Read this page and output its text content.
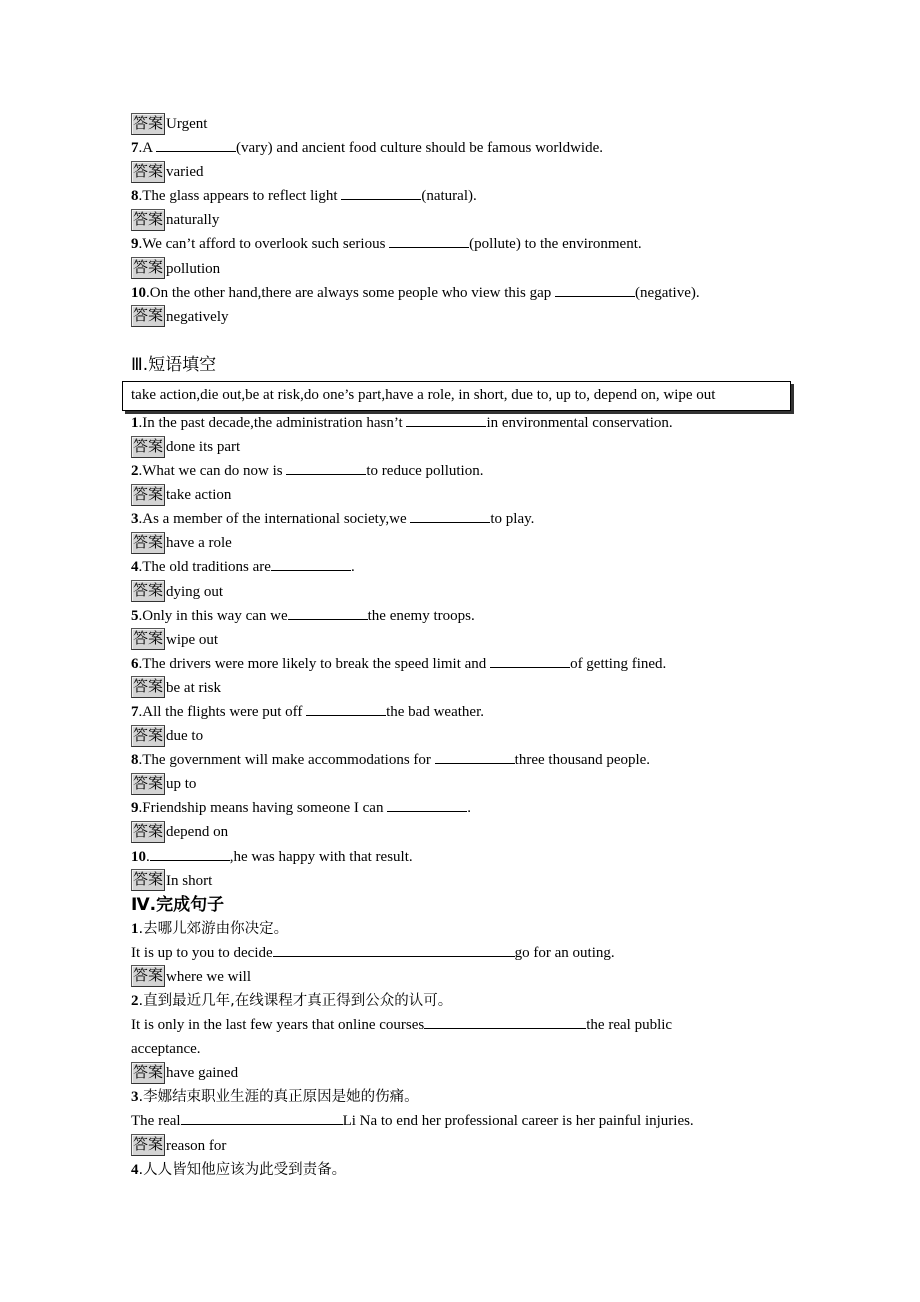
答案 Urgent
7.A	(vary) and ancient food culture should be famous worldwide.
答案 varied
8.The glass appears to reflect light	(natural).
答案 naturally
9.We can’t afford to overlook such serious	(pollute) to the environment.
答案 pollution
10.On the other hand,there are always some people who view this gap	(negative).
答案 negatively
Ⅲ.短语填空
take action,die out,be at risk,do one’s part,have a role, in short, due to, up to, depend on, wipe out
1.In the past decade,the administration hasn’t	in environmental conservation.
答案 done its part
2.What we can do now is	to reduce pollution.
答案 take action
3.As a member of the international society,we	to play.
答案 have a role
4.The old traditions are	.
答案 dying out
5.Only in this way can we	the enemy troops.
答案 wipe out
6.The drivers were more likely to break the speed limit and	of getting fined.
答案 be at risk
7.All the flights were put off	the bad weather.
答案 due to
8.The government will make accommodations for	three thousand people.
答案 up to
9.Friendship means having someone I can	.
答案 depend on
10.	,he was happy with that result.
答案 In short
Ⅳ.完成句子
1.去哪儿郊游由你决定。
It is up to you to decide	go for an outing.
答案 where we will
2.直到最近几年,在线课程才真正得到公众的认可。
It is only in the last few years that online courses	the real public
acceptance.
答案 have gained
3.李娜结束职业生涯的真正原因是她的伤痛。
The real	Li Na to end her professional career is her painful injuries.
答案 reason for
4.人人皆知他应该为此受到责备。
